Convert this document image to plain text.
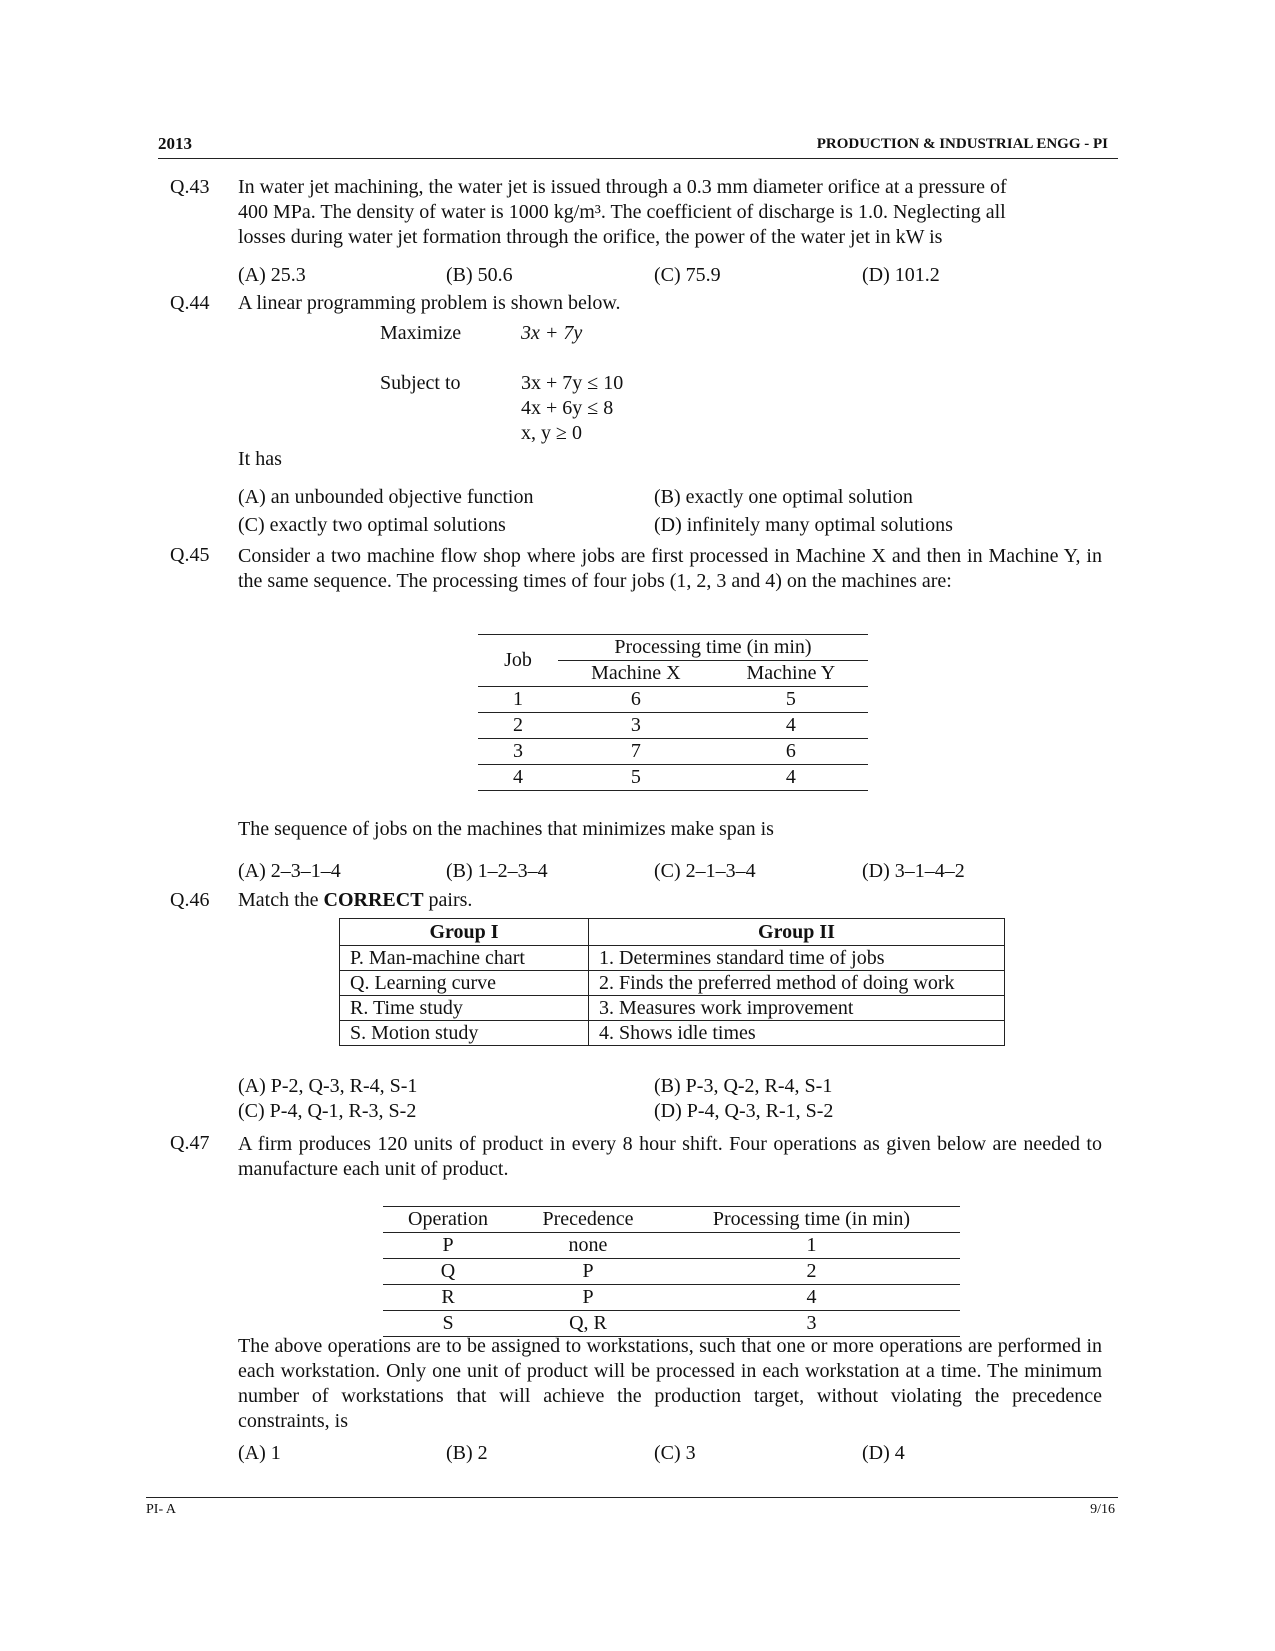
2013	PRODUCTION & INDUSTRIAL ENGG - PI
Q.43 In water jet machining, the water jet is issued through a 0.3 mm diameter orifice at a pressure of
400 MPa. The density of water is 1000 kg/m³. The coefficient of discharge is 1.0. Neglecting all
losses during water jet formation through the orifice, the power of the water jet in kW is
(A) 25.3	(B) 50.6	(C) 75.9	(D) 101.2
Q.44 A linear programming problem is shown below.
Maximize	3x + 7y
Subject to	3x + 7y ≤ 10
4x + 6y ≤ 8
x, y ≥ 0
It has
(A) an unbounded objective function	(B) exactly one optimal solution
(C) exactly two optimal solutions	(D) infinitely many optimal solutions
Q.45 Consider a two machine flow shop where jobs are first processed in Machine X and then in Machine Y, in the same sequence. The processing times of four jobs (1, 2, 3 and 4) on the machines are:
Job	Processing time (in min)	
	Machine X	Machine Y
1	6	5
2	3	4
3	7	6
4	5	4
The sequence of jobs on the machines that minimizes make span is
(A) 2–3–1–4	(B) 1–2–3–4	(C) 2–1–3–4	(D) 3–1–4–2
Q.46 Match the CORRECT pairs.
Group I	Group II
P. Man-machine chart	1. Determines standard time of jobs
Q. Learning curve	2. Finds the preferred method of doing work
R. Time study	3. Measures work improvement
S. Motion study	4. Shows idle times
(A) P-2, Q-3, R-4, S-1	(B) P-3, Q-2, R-4, S-1
(C) P-4, Q-1, R-3, S-2	(D) P-4, Q-3, R-1, S-2
Q.47 A firm produces 120 units of product in every 8 hour shift. Four operations as given below are needed to manufacture each unit of product.
Operation	Precedence	Processing time (in min)
P	none	1
Q	P	2
R	P	4
S	Q, R	3
The above operations are to be assigned to workstations, such that one or more operations are performed in each workstation. Only one unit of product will be processed in each workstation at a time. The minimum number of workstations that will achieve the production target, without violating the precedence constraints, is
(A) 1	(B) 2	(C) 3	(D) 4
PI- A	9/16
